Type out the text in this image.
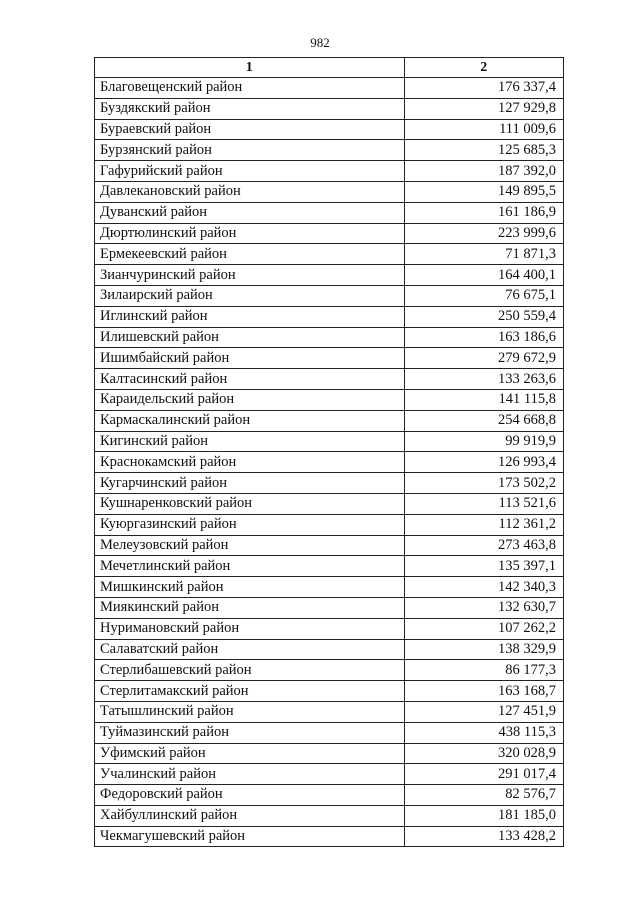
982
1	2
Благовещенский район	176 337,4
Буздякский район	127 929,8
Бураевский район	111 009,6
Бурзянский район	125 685,3
Гафурийский район	187 392,0
Давлекановский район	149 895,5
Дуванский район	161 186,9
Дюртюлинский район	223 999,6
Ермекеевский район	71 871,3
Зианчуринский район	164 400,1
Зилаирский район	76 675,1
Иглинский район	250 559,4
Илишевский район	163 186,6
Ишимбайский район	279 672,9
Калтасинский район	133 263,6
Караидельский район	141 115,8
Кармаскалинский район	254 668,8
Кигинский район	99 919,9
Краснокамский район	126 993,4
Кугарчинский район	173 502,2
Кушнаренковский район	113 521,6
Куюргазинский район	112 361,2
Мелеузовский район	273 463,8
Мечетлинский район	135 397,1
Мишкинский район	142 340,3
Миякинский район	132 630,7
Нуримановский район	107 262,2
Салаватский район	138 329,9
Стерлибашевский район	86 177,3
Стерлитамакский район	163 168,7
Татышлинский район	127 451,9
Туймазинский район	438 115,3
Уфимский район	320 028,9
Учалинский район	291 017,4
Федоровский район	82 576,7
Хайбуллинский район	181 185,0
Чекмагушевский район	133 428,2
